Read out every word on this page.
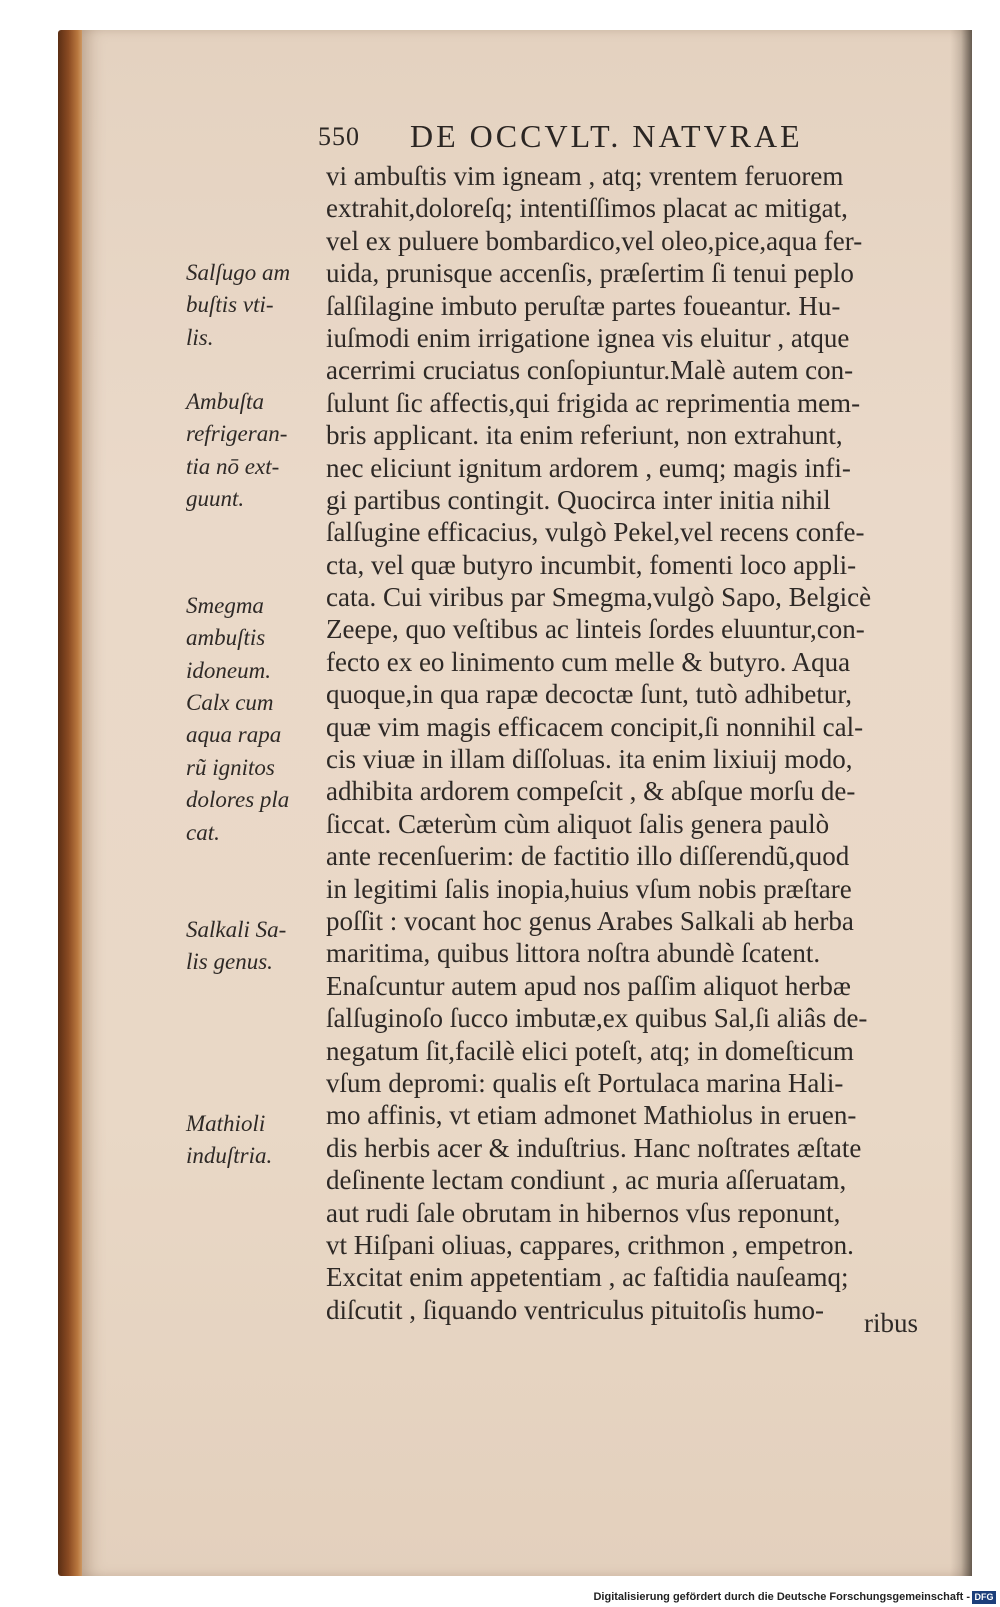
550 DE OCCVLT. NATVRAE
vi ambuſtis vim igneam , atq; vrentem feruorem
extrahit,doloreſq; intentiſſimos placat ac mitigat,
vel ex puluere bombardico,vel oleo,pice,aqua fer-
uida, prunisque accenſis, præſertim ſi tenui peplo
ſalſilagine imbuto peruſtæ partes foueantur. Hu-
iuſmodi enim irrigatione ignea vis eluitur , atque
acerrimi cruciatus conſopiuntur.Malè autem con-
ſulunt ſic affectis,qui frigida ac reprimentia mem-
bris applicant. ita enim referiunt, non extrahunt,
nec eliciunt ignitum ardorem , eumq; magis infi-
gi partibus contingit. Quocirca inter initia nihil
ſalſugine efficacius, vulgò Pekel,vel recens confe-
cta, vel quæ butyro incumbit, fomenti loco appli-
cata. Cui viribus par Smegma,vulgò Sapo, Belgicè
Zeepe, quo veſtibus ac linteis ſordes eluuntur,con-
fecto ex eo linimento cum melle & butyro. Aqua
quoque,in qua rapæ decoctæ ſunt, tutò adhibetur,
quæ vim magis efficacem concipit,ſi nonnihil cal-
cis viuæ in illam diſſoluas. ita enim lixiuij modo,
adhibita ardorem compeſcit , & abſque morſu de-
ſiccat. Cæterùm cùm aliquot ſalis genera paulò
ante recenſuerim: de factitio illo diſſerendũ,quod
in legitimi ſalis inopia,huius vſum nobis præſtare
poſſit : vocant hoc genus Arabes Salkali ab herba
maritima, quibus littora noſtra abundè ſcatent.
Enaſcuntur autem apud nos paſſim aliquot herbæ
ſalſuginoſo ſucco imbutæ,ex quibus Sal,ſi aliâs de-
negatum ſit,facilè elici poteſt, atq; in domeſticum
vſum depromi: qualis eſt Portulaca marina Hali-
mo affinis, vt etiam admonet Mathiolus in eruen-
dis herbis acer & induſtrius. Hanc noſtrates æſtate
deſinente lectam condiunt , ac muria aſſeruatam,
aut rudi ſale obrutam in hibernos vſus reponunt,
vt Hiſpani oliuas, cappares, crithmon , empetron.
Excitat enim appetentiam , ac faſtidia nauſeamq;
diſcutit , ſiquando ventriculus pituitoſis humo-	ribus
Salſugo am
buſtis vti-
lis.
Ambuſta
refrigeran-
tia nō ext-
guunt.
Smegma
ambuſtis
idoneum.
Calx cum
aqua rapa
rũ ignitos
dolores pla
cat.
Salkali Sa-
lis genus.
Mathioli
induſtria.
Digitalisierung gefördert durch die Deutsche Forschungsgemeinschaft - DFG
